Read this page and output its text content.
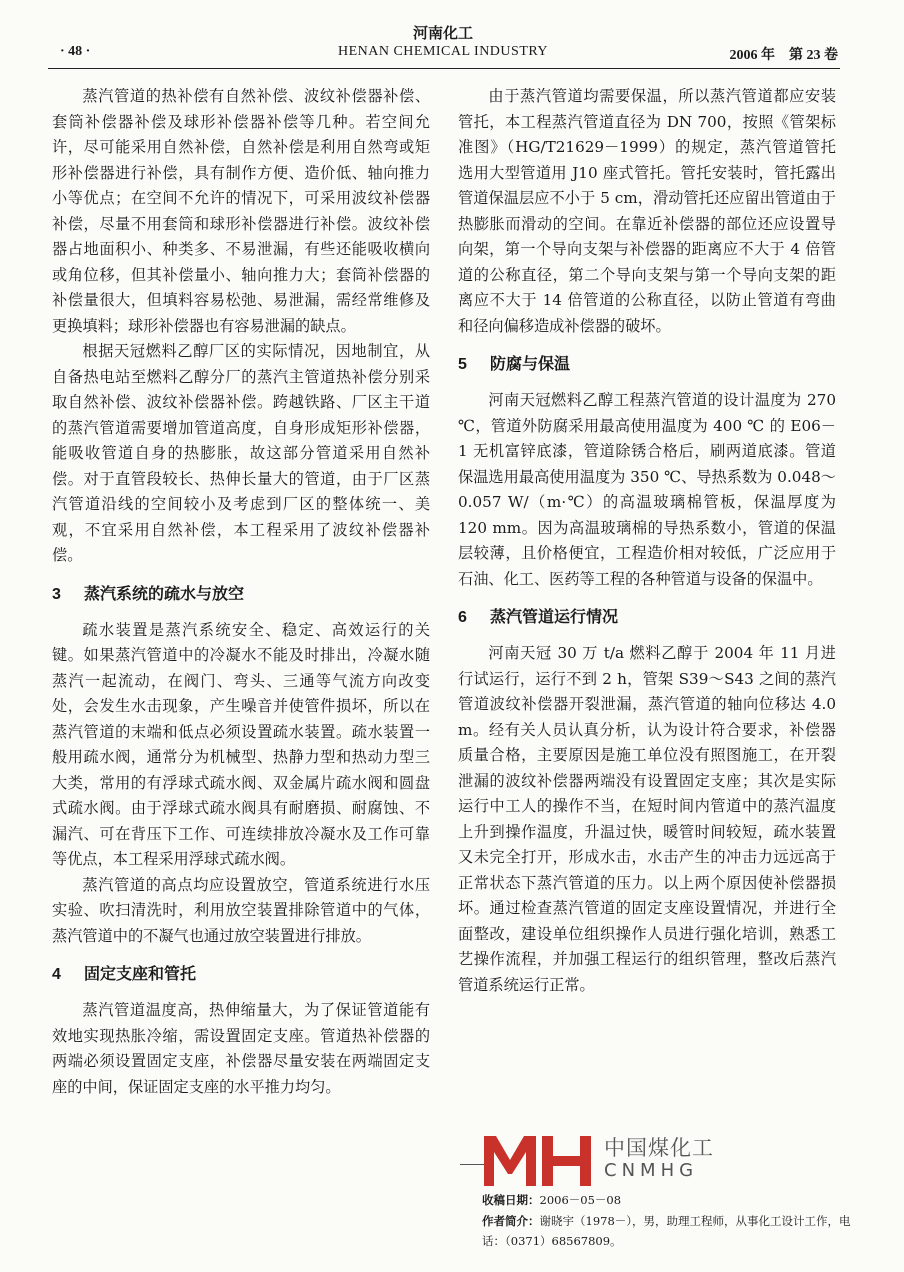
河南化工
HENAN CHEMICAL INDUSTRY
· 48 ·	2006 年　第 23 卷

蒸汽管道的热补偿有自然补偿、波纹补偿器补偿、套筒补偿器补偿及球形补偿器补偿等几种。若空间允许，尽可能采用自然补偿，自然补偿是利用自然弯或矩形补偿器进行补偿，具有制作方便、造价低、轴向推力小等优点；在空间不允许的情况下，可采用波纹补偿器补偿，尽量不用套筒和球形补偿器进行补偿。波纹补偿器占地面积小、种类多、不易泄漏，有些还能吸收横向或角位移，但其补偿量小、轴向推力大；套筒补偿器的补偿量很大，但填料容易松弛、易泄漏，需经常维修及更换填料；球形补偿器也有容易泄漏的缺点。

根据天冠燃料乙醇厂区的实际情况，因地制宜，从自备热电站至燃料乙醇分厂的蒸汽主管道热补偿分别采取自然补偿、波纹补偿器补偿。跨越铁路、厂区主干道的蒸汽管道需要增加管道高度，自身形成矩形补偿器，能吸收管道自身的热膨胀，故这部分管道采用自然补偿。对于直管段较长、热伸长量大的管道，由于厂区蒸汽管道沿线的空间较小及考虑到厂区的整体统一、美观，不宜采用自然补偿，本工程采用了波纹补偿器补偿。

3 蒸汽系统的疏水与放空

疏水装置是蒸汽系统安全、稳定、高效运行的关键。如果蒸汽管道中的冷凝水不能及时排出，冷凝水随蒸汽一起流动，在阀门、弯头、三通等气流方向改变处，会发生水击现象，产生噪音并使管件损坏，所以在蒸汽管道的末端和低点必须设置疏水装置。疏水装置一般用疏水阀，通常分为机械型、热静力型和热动力型三大类，常用的有浮球式疏水阀、双金属片疏水阀和圆盘式疏水阀。由于浮球式疏水阀具有耐磨损、耐腐蚀、不漏汽、可在背压下工作、可连续排放冷凝水及工作可靠等优点，本工程采用浮球式疏水阀。

蒸汽管道的高点均应设置放空，管道系统进行水压实验、吹扫清洗时，利用放空装置排除管道中的气体，蒸汽管道中的不凝气也通过放空装置进行排放。

4 固定支座和管托

蒸汽管道温度高，热伸缩量大，为了保证管道能有效地实现热胀冷缩，需设置固定支座。管道热补偿器的两端必须设置固定支座，补偿器尽量安装在两端固定支座的中间，保证固定支座的水平推力均匀。

由于蒸汽管道均需要保温，所以蒸汽管道都应安装管托，本工程蒸汽管道直径为 DN 700，按照《管架标准图》（HG/T21629－1999）的规定，蒸汽管道管托选用大型管道用 J10 座式管托。管托安装时，管托露出管道保温层应不小于 5 cm，滑动管托还应留出管道由于热膨胀而滑动的空间。在靠近补偿器的部位还应设置导向架，第一个导向支架与补偿器的距离应不大于 4 倍管道的公称直径，第二个导向支架与第一个导向支架的距离应不大于 14 倍管道的公称直径，以防止管道有弯曲和径向偏移造成补偿器的破坏。

5 防腐与保温

河南天冠燃料乙醇工程蒸汽管道的设计温度为 270 ℃，管道外防腐采用最高使用温度为 400 ℃ 的 E06－1 无机富锌底漆，管道除锈合格后，刷两道底漆。管道保温选用最高使用温度为 350 ℃、导热系数为 0.048～0.057 W/（m·℃）的高温玻璃棉管板，保温厚度为 120 mm。因为高温玻璃棉的导热系数小，管道的保温层较薄，且价格便宜，工程造价相对较低，广泛应用于石油、化工、医药等工程的各种管道与设备的保温中。

6 蒸汽管道运行情况

河南天冠 30 万 t/a 燃料乙醇于 2004 年 11 月进行试运行，运行不到 2 h，管架 S39～S43 之间的蒸汽管道波纹补偿器开裂泄漏，蒸汽管道的轴向位移达 4.0 m。经有关人员认真分析，认为设计符合要求，补偿器质量合格，主要原因是施工单位没有照图施工，在开裂泄漏的波纹补偿器两端没有设置固定支座；其次是实际运行中工人的操作不当，在短时间内管道中的蒸汽温度上升到操作温度，升温过快，暖管时间较短，疏水装置又未完全打开，形成水击，水击产生的冲击力远远高于正常状态下蒸汽管道的压力。以上两个原因使补偿器损坏。通过检查蒸汽管道的固定支座设置情况，并进行全面整改，建设单位组织操作人员进行强化培训，熟悉工艺操作流程，并加强工程运行的组织管理，整改后蒸汽管道系统运行正常。

中国煤化工
CNMHG
收稿日期：2006－05－08
作者简介：谢晓宇（1978－），男，助理工程师，从事化工设计工作，电话：（0371）68567809。
